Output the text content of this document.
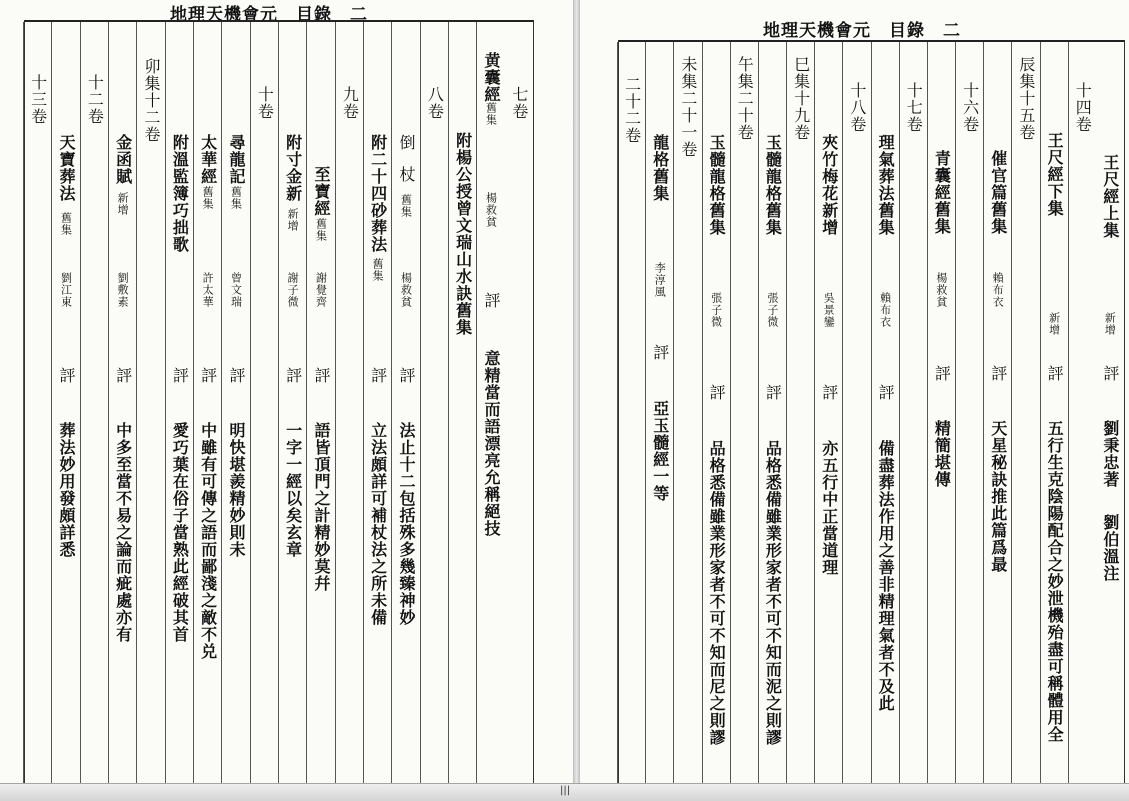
地理天機會元 目錄 二
七卷
黄囊經
舊集
楊救貧
評
意精當而語漂亮允稱絕技
附楊公授曾文瑞山水訣舊集
八卷
倒
杖
舊集
楊救貧
評
法止十二包括殊多幾臻神妙
附二十四砂葬法
舊集
評
立法頗詳可補杖法之所未備
九卷
至寶經
舊集
謝覺齊
評
語皆頂門之計精妙莫幷
附寸金新
新增
謝子微
評
一字一經以矣玄章
十卷
尋龍記
舊集
曾文瑞
評
明快堪羨精妙則未
太華經
舊集
許太華
評
中雖有可傳之語而鄙淺之敵不兑
附溫監簿巧拙歌
評
愛巧葉在俗子當熟此經破其首
卯集十二卷
金函賦
新增
劉敷素
評
中多至當不易之論而疵處亦有
十二卷
天寶葬法
舊集
劉江東
評
葬法妙用發頗詳悉
十三卷
地理天機會元 目錄 二
王尺經上集
新增
評
劉秉忠著
劉伯溫注
十四卷
王尺經下集
新增
評
五行生克陰陽配合之妙泄機殆盡可稱體用全
辰集十五卷
催官篇舊集
賴布衣
評
天星秘訣推此篇爲最
十六卷
青囊經舊集
楊救貧
評
精簡堪傳
十七卷
理氣葬法舊集
賴布衣
評
備盡葬法作用之善非精理氣者不及此
十八卷
夾竹梅花新增
吳景鑾
評
亦五行中正當道理
巳集十九卷
玉髓龍格舊集
張子微
評
品格悉備雖業形家者不可不知而泥之則謬
午集二十卷
玉髓龍格舊集
張子微
評
品格悉備雖業形家者不可不知而尼之則謬
未集二十一卷
龍格舊集
李淳風
評
亞玉髓經一等
二十二卷
|||
